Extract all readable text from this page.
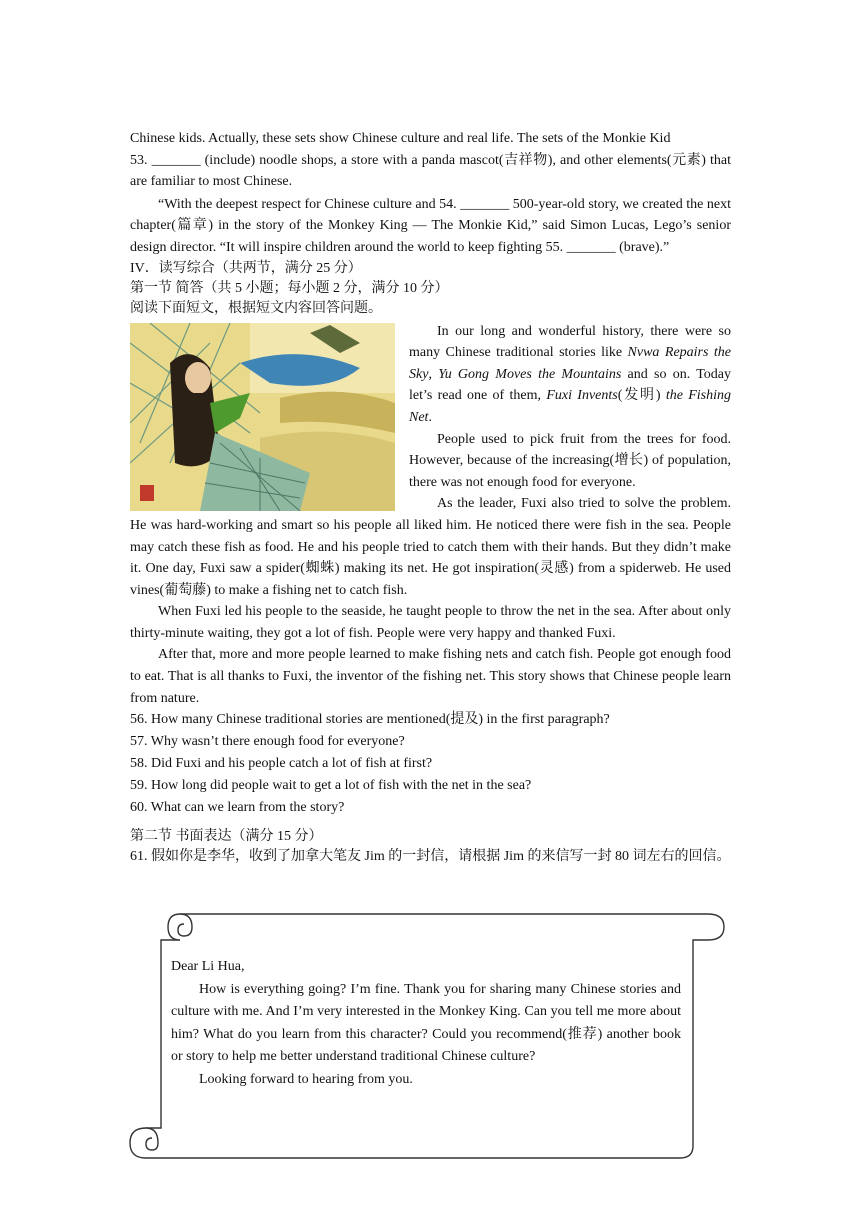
Chinese kids. Actually, these sets show Chinese culture and real life. The sets of the Monkie Kid

53. _______ (include) noodle shops, a store with a panda mascot(吉祥物), and other elements(元素) that are familiar to most Chinese.

“With the deepest respect for Chinese culture and 54. _______ 500-year-old story, we created the next chapter(篇章) in the story of the Monkey King — The Monkie Kid,” said Simon Lucas, Lego’s senior design director. “It will inspire children around the world to keep fighting 55. _______ (brave).”

IV．读写综合（共两节，满分 25 分）

第一节 简答（共 5 小题；每小题 2 分，满分 10 分）

阅读下面短文，根据短文内容回答问题。

In our long and wonderful history, there were so many Chinese traditional stories like Nvwa Repairs the Sky, Yu Gong Moves the Mountains and so on. Today let’s read one of them, Fuxi Invents(发明) the Fishing Net.

People used to pick fruit from the trees for food. However, because of the increasing(增长) of population, there was not enough food for everyone.

As the leader, Fuxi also tried to solve the problem. He was hard-working and smart so his people all liked him. He noticed there were fish in the sea. People may catch these fish as food. He and his people tried to catch them with their hands. But they didn’t make it. One day, Fuxi saw a spider(蜘蛛) making its net. He got inspiration(灵感) from a spiderweb. He used vines(葡萄藤) to make a fishing net to catch fish.

When Fuxi led his people to the seaside, he taught people to throw the net in the sea. After about only thirty-minute waiting, they got a lot of fish. People were very happy and thanked Fuxi.

After that, more and more people learned to make fishing nets and catch fish. People got enough food to eat. That is all thanks to Fuxi, the inventor of the fishing net. This story shows that Chinese people learn from nature.

56. How many Chinese traditional stories are mentioned(提及) in the first paragraph?

57. Why wasn’t there enough food for everyone?

58. Did Fuxi and his people catch a lot of fish at first?

59. How long did people wait to get a lot of fish with the net in the sea?

60. What can we learn from the story?

第二节 书面表达（满分 15 分）

61. 假如你是李华，收到了加拿大笔友 Jim 的一封信，请根据 Jim 的来信写一封 80 词左右的回信。

Dear Li Hua,

How is everything going? I’m fine. Thank you for sharing many Chinese stories and culture with me. And I’m very interested in the Monkey King. Can you tell me more about him? What do you learn from this character? Could you recommend(推荐) another book or story to help me better understand traditional Chinese culture?

Looking forward to hearing from you.
